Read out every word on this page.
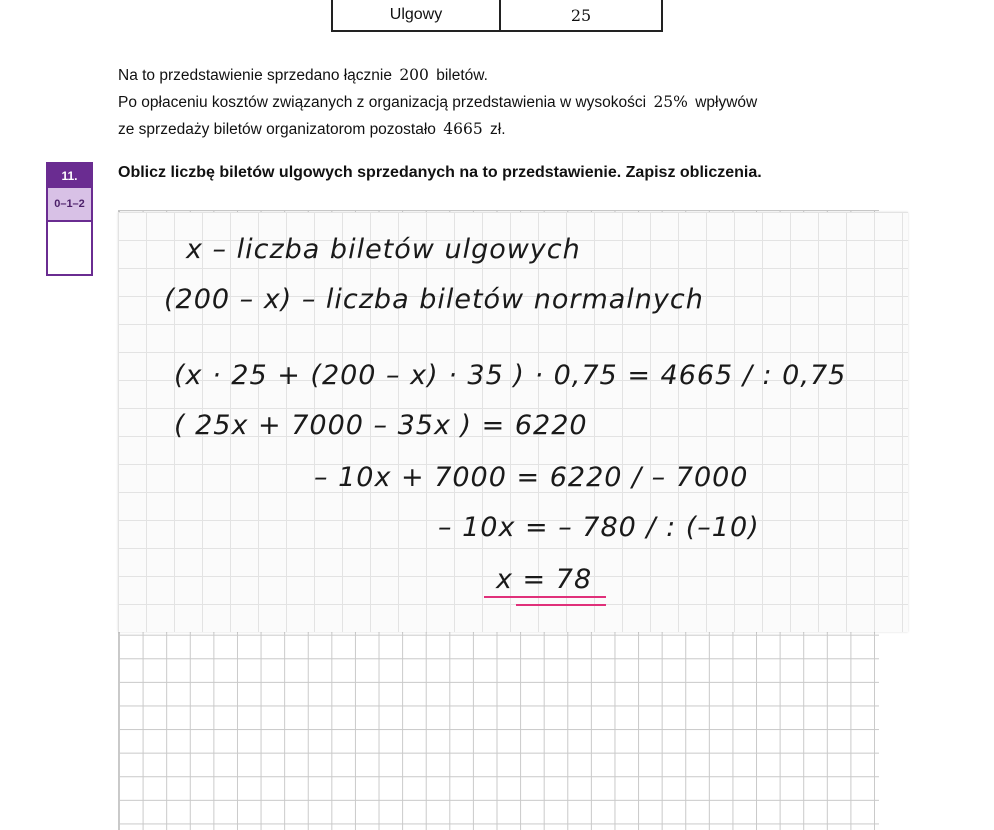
Ulgowy	25
Na to przedstawienie sprzedano łącznie 200 biletów.
Po opłaceniu kosztów związanych z organizacją przedstawienia w wysokości 25% wpływów
ze sprzedaży biletów organizatorom pozostało 4665 zł.
11.
0–1–2
Oblicz liczbę biletów ulgowych sprzedanych na to przedstawienie. Zapisz obliczenia.
x – liczba biletów ulgowych
(200 – x) – liczba biletów normalnych
(x · 25 + (200 – x) · 35 ) · 0,75 = 4665 / : 0,75
( 25x + 7000 – 35x ) = 6220
– 10x + 7000 = 6220 / – 7000
– 10x = – 780 / : (–10)
x = 78
